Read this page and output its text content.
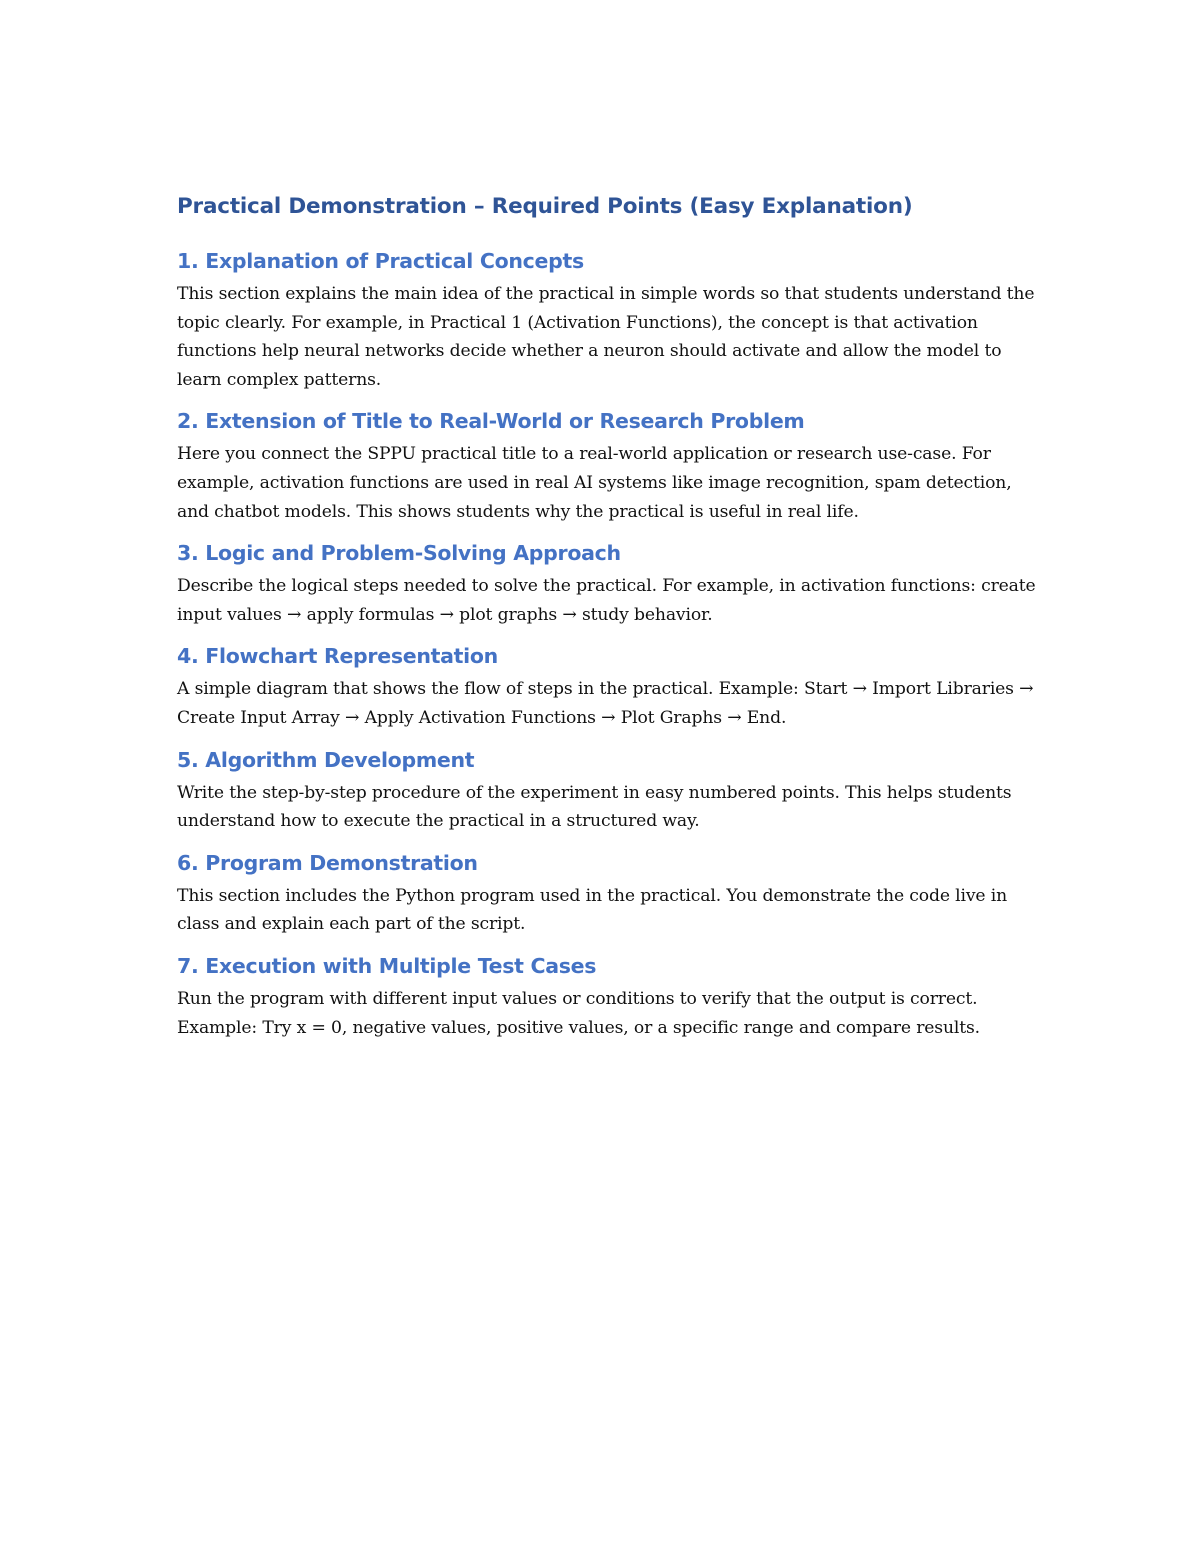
Practical Demonstration – Required Points (Easy Explanation)
1. Explanation of Practical Concepts

This section explains the main idea of the practical in simple words so that students understand the topic clearly. For example, in Practical 1 (Activation Functions), the concept is that activation functions help neural networks decide whether a neuron should activate and allow the model to learn complex patterns.

2. Extension of Title to Real-World or Research Problem

Here you connect the SPPU practical title to a real-world application or research use-case. For example, activation functions are used in real AI systems like image recognition, spam detection, and chatbot models. This shows students why the practical is useful in real life.

3. Logic and Problem-Solving Approach

Describe the logical steps needed to solve the practical. For example, in activation functions: create input values → apply formulas → plot graphs → study behavior.

4. Flowchart Representation

A simple diagram that shows the flow of steps in the practical. Example: Start → Import Libraries → Create Input Array → Apply Activation Functions → Plot Graphs → End.

5. Algorithm Development

Write the step-by-step procedure of the experiment in easy numbered points. This helps students understand how to execute the practical in a structured way.

6. Program Demonstration

This section includes the Python program used in the practical. You demonstrate the code live in class and explain each part of the script.

7. Execution with Multiple Test Cases

Run the program with different input values or conditions to verify that the output is correct. Example: Try x = 0, negative values, positive values, or a specific range and compare results.
